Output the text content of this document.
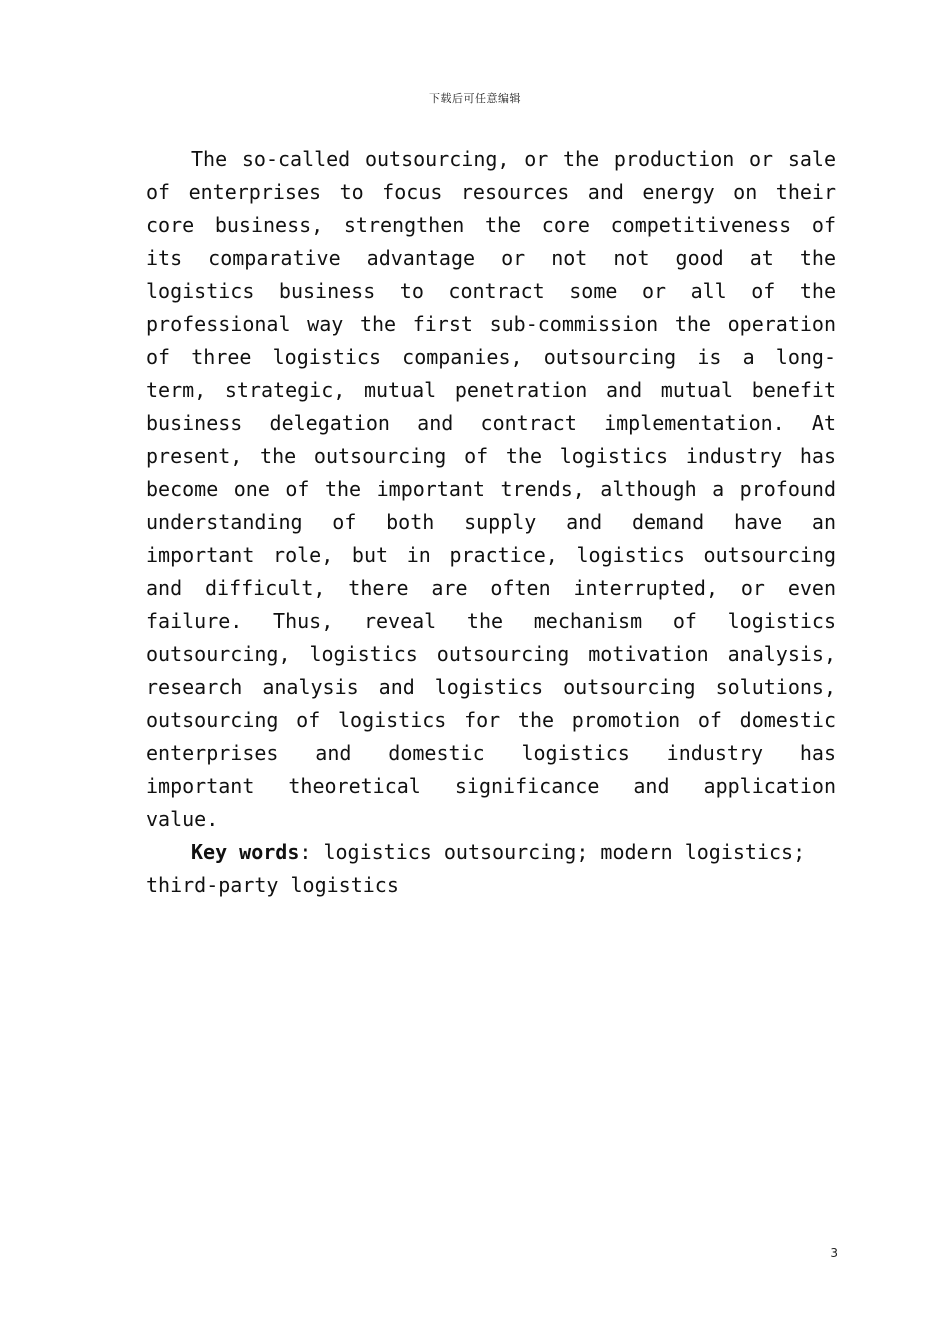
下载后可任意编辑

The so-called outsourcing, or the production or sale of enterprises to focus resources and energy on their core business, strengthen the core competitiveness of its comparative advantage or not not good at the logistics business to contract some or all of the professional way the first sub-commission the operation of three logistics companies, outsourcing is a long-term, strategic, mutual penetration and mutual benefit business delegation and contract implementation. At present, the outsourcing of the logistics industry has become one of the important trends, although a profound understanding of both supply and demand have an important role, but in practice, logistics outsourcing and difficult, there are often interrupted, or even failure. Thus, reveal the mechanism of logistics outsourcing, logistics outsourcing motivation analysis, research analysis and logistics outsourcing solutions, outsourcing of logistics for the promotion of domestic enterprises and domestic logistics industry has important theoretical significance and application value.

Key words: logistics outsourcing; modern logistics; third-party logistics

3
